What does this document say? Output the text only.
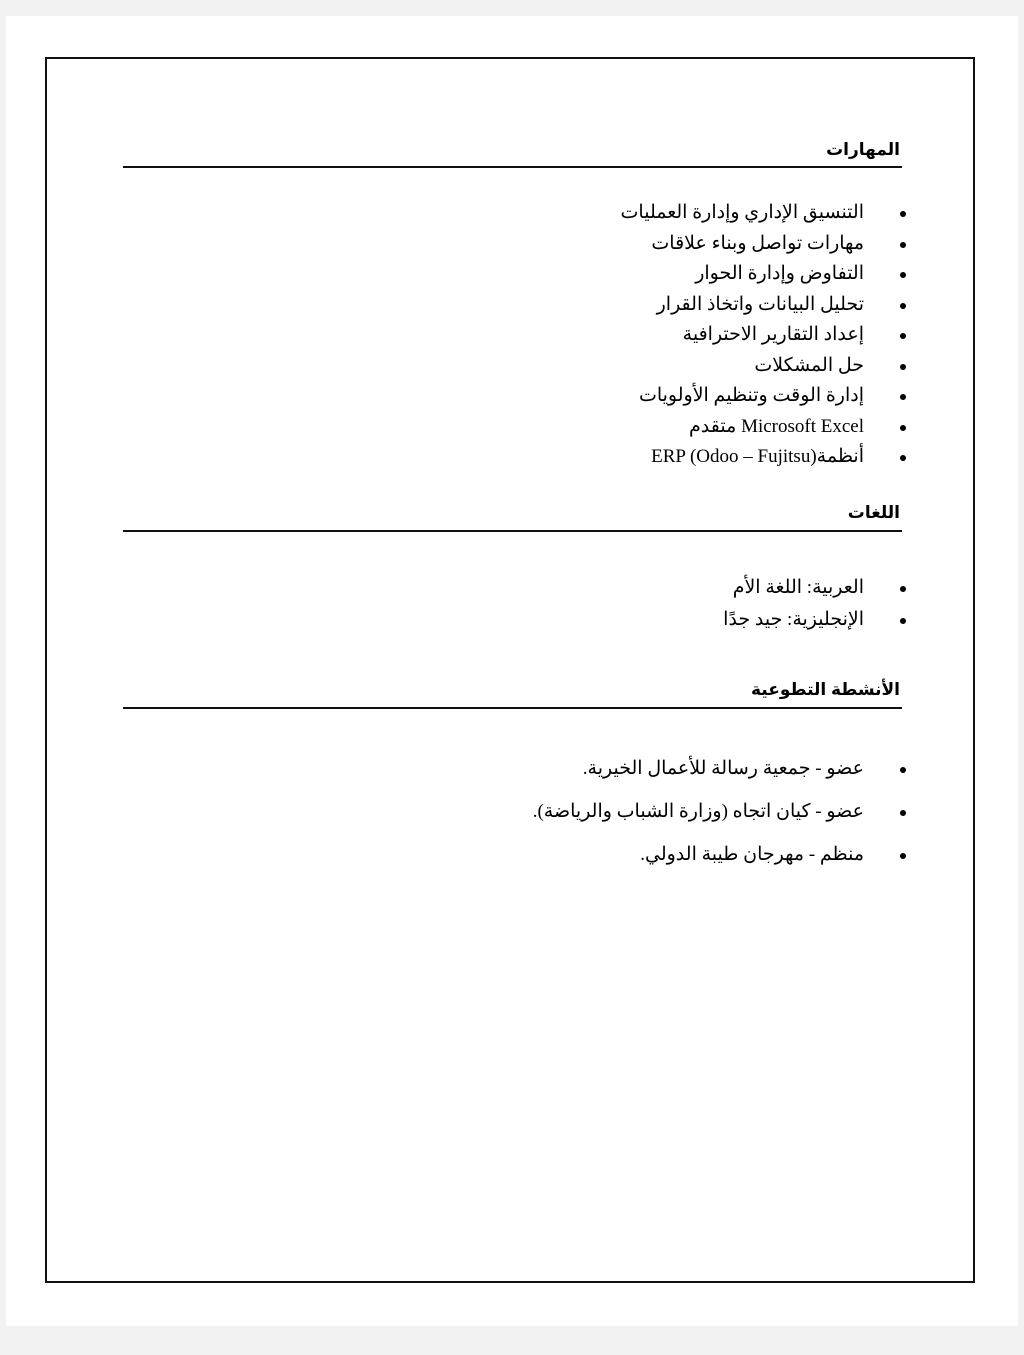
المهارات
التنسيق الإداري وإدارة العمليات
مهارات تواصل وبناء علاقات
التفاوض وإدارة الحوار
تحليل البيانات واتخاذ القرار
إعداد التقارير الاحترافية
حل المشكلات
إدارة الوقت وتنظيم الأولويات
Microsoft Excel متقدم
أنظمةERP (Odoo – Fujitsu)
اللغات
العربية: اللغة الأم
الإنجليزية: جيد جدًا
الأنشطة التطوعية
عضو - جمعية رسالة للأعمال الخيرية.
عضو - كيان اتجاه (وزارة الشباب والرياضة).
منظم - مهرجان طيبة الدولي.
